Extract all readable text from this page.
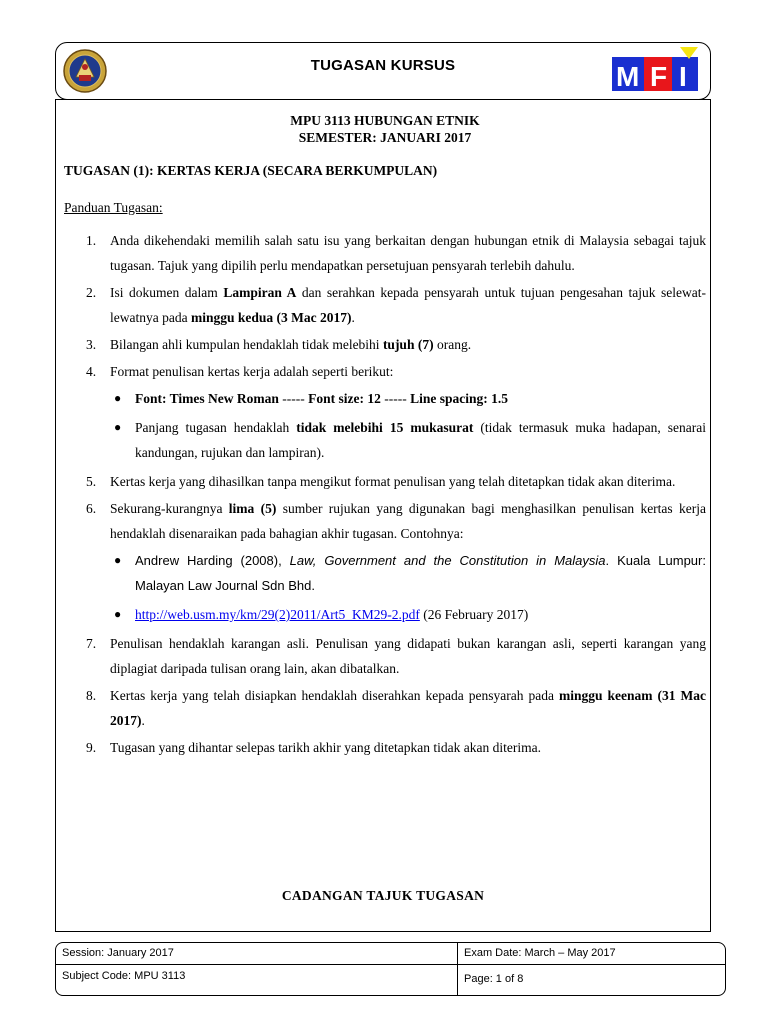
TUGASAN KURSUS	M F I
MPU 3113 HUBUNGAN ETNIK
SEMESTER: JANUARI 2017
TUGASAN (1): KERTAS KERJA (SECARA BERKUMPULAN)
Panduan Tugasan:
1. Anda dikehendaki memilih salah satu isu yang berkaitan dengan hubungan etnik di Malaysia sebagai tajuk tugasan. Tajuk yang dipilih perlu mendapatkan persetujuan pensyarah terlebih dahulu.
2. Isi dokumen dalam Lampiran A dan serahkan kepada pensyarah untuk tujuan pengesahan tajuk selewat-lewatnya pada minggu kedua (3 Mac 2017).
3. Bilangan ahli kumpulan hendaklah tidak melebihi tujuh (7) orang.
4. Format penulisan kertas kerja adalah seperti berikut:
● Font: Times New Roman ----- Font size: 12 ----- Line spacing: 1.5
● Panjang tugasan hendaklah tidak melebihi 15 mukasurat (tidak termasuk muka hadapan, senarai kandungan, rujukan dan lampiran).
5. Kertas kerja yang dihasilkan tanpa mengikut format penulisan yang telah ditetapkan tidak akan diterima.
6. Sekurang-kurangnya lima (5) sumber rujukan yang digunakan bagi menghasilkan penulisan kertas kerja hendaklah disenaraikan pada bahagian akhir tugasan. Contohnya:
● Andrew Harding (2008), Law, Government and the Constitution in Malaysia. Kuala Lumpur: Malayan Law Journal Sdn Bhd.
● http://web.usm.my/km/29(2)2011/Art5_KM29-2.pdf (26 February 2017)
7. Penulisan hendaklah karangan asli. Penulisan yang didapati bukan karangan asli, seperti karangan yang diplagiat daripada tulisan orang lain, akan dibatalkan.
8. Kertas kerja yang telah disiapkan hendaklah diserahkan kepada pensyarah pada minggu keenam (31 Mac 2017).
9. Tugasan yang dihantar selepas tarikh akhir yang ditetapkan tidak akan diterima.
CADANGAN TAJUK TUGASAN
Session: January 2017	Exam Date: March – May 2017
Subject Code: MPU 3113	Page: 1 of 8
